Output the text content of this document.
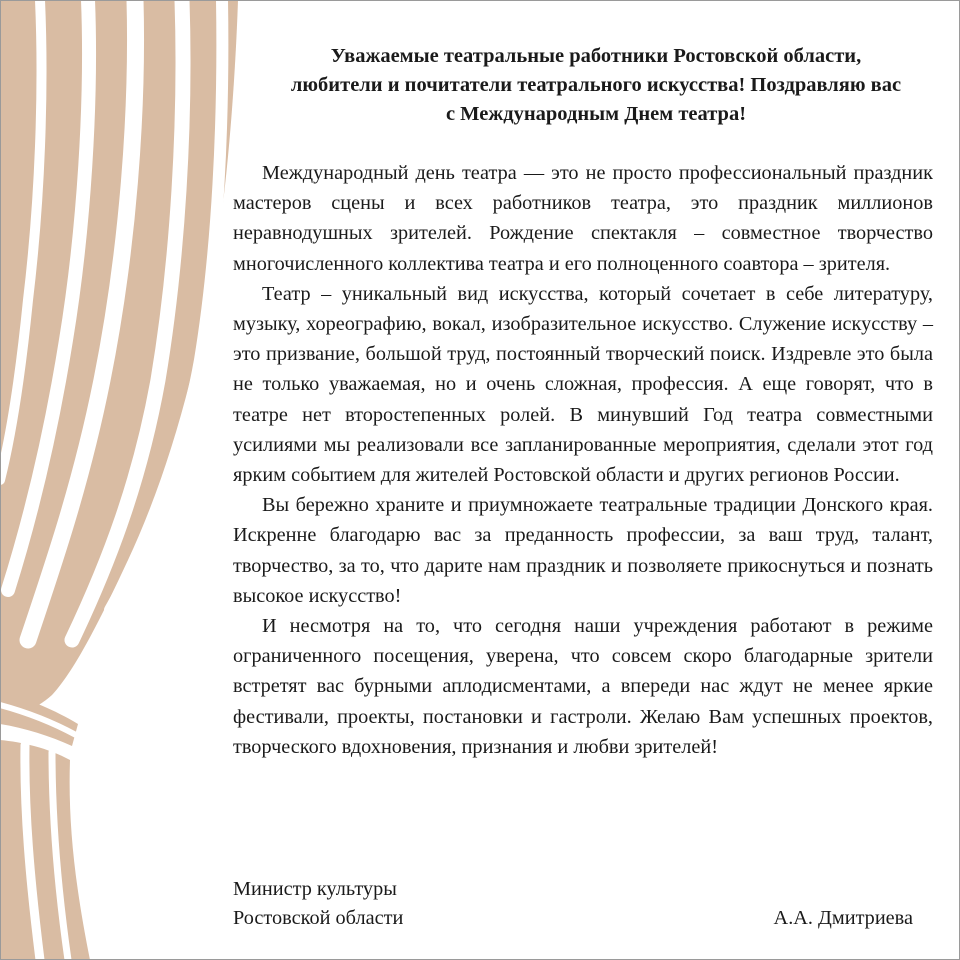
Уважаемые театральные работники Ростовской области,
любители и почитатели театрального искусства! Поздравляю вас
с Международным Днем театра!

Международный день театра — это не просто профессиональный праздник мастеров сцены и всех работников театра, это праздник миллионов неравнодушных зрителей. Рождение спектакля – совместное творчество многочисленного коллектива театра и его полноценного соавтора – зрителя.

Театр – уникальный вид искусства, который сочетает в себе литературу, музыку, хореографию, вокал, изобразительное искусство. Служение искусству – это призвание, большой труд, постоянный творческий поиск. Издревле это была не только уважаемая, но и очень сложная, профессия. А еще говорят, что в театре нет второстепенных ролей. В минувший Год театра совместными усилиями мы реализовали все запланированные мероприятия, сделали этот год ярким событием для жителей Ростовской области и других регионов России.

Вы бережно храните и приумножаете театральные традиции Донского края. Искренне благодарю вас за преданность профессии, за ваш труд, талант, творчество, за то, что дарите нам праздник и позволяете прикоснуться и познать высокое искусство!

И несмотря на то, что сегодня наши учреждения работают в режиме ограниченного посещения, уверена, что совсем скоро благодарные зрители встретят вас бурными аплодисментами, а впереди нас ждут не менее яркие фестивали, проекты, постановки и гастроли. Желаю Вам успешных проектов, творческого вдохновения, признания и любви зрителей!

Министр культуры
Ростовской области	А.А. Дмитриева
